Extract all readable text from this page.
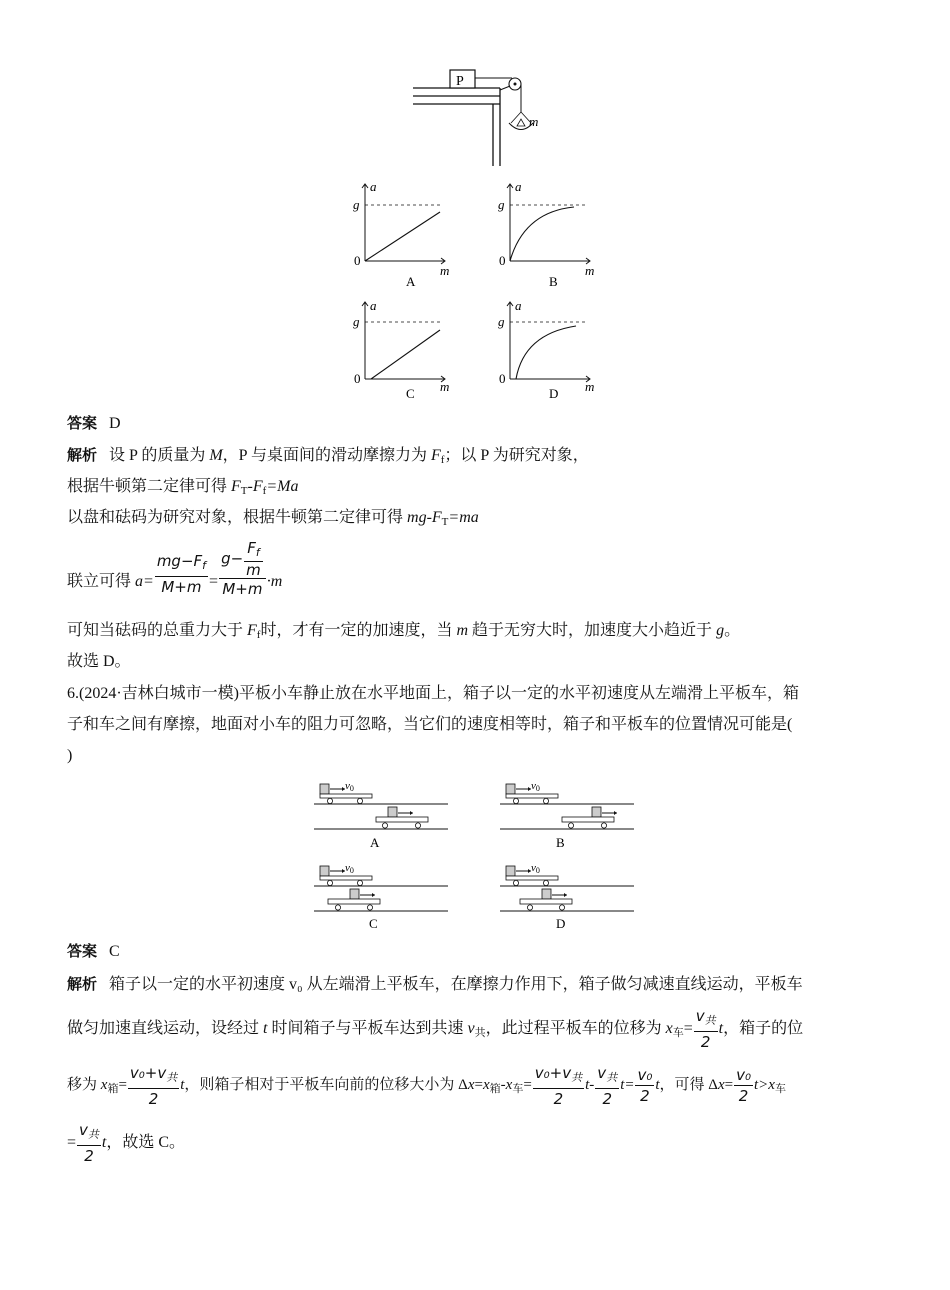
P
m
a
g
0
m
A
a
g
0
m
B
a
g
0
m
C
a
g
0
m
D
答案 D
解析 设 P 的质量为 M，P 与桌面间的滑动摩擦力为 $F_f$；以 P 为研究对象，
根据牛顿第二定律可得 $F_T-F_f=Ma$
以盘和砝码为研究对象，根据牛顿第二定律可得 $mg-F_T=ma$
联立可得 $a= \frac{mg-F_f}{M+m} = \frac{g- \frac{F_f}{m}}{M+m} \cdot m$
可知当砝码的总重力大于 $F_f$时，才有一定的加速度，当 m 趋于无穷大时，加速度大小趋近于 g。
故选 D。
6.(2024·吉林白城市一模)平板小车静止放在水平地面上，箱子以一定的水平初速度从左端滑上平板车，箱
子和车之间有摩擦，地面对小车的阻力可忽略，当它们的速度相等时，箱子和平板车的位置情况可能是(
)
v0
A
v0
B
v0
C
v0
D
答案 C
解析 箱子以一定的水平初速度 v₀ 从左端滑上平板车，在摩擦力作用下，箱子做匀减速直线运动，平板车
做匀加速直线运动，设经过 t 时间箱子与平板车达到共速 $v_共$，此过程平板车的位移为 $x_车= \frac{v_共}{2}$ t，箱子的位
移为 $x_箱= \frac{v_0+v_共}{2}$ t，则箱子相对于平板车向前的位移大小为 $\Delta x=x_箱-x_车= \frac{v_0+v_共}{2} t- \frac{v_共}{2} t= \frac{\text{v₀}}{2}$ t，可得 $\Delta x= \frac{\text{v₀}}{2} t>x_车$
= $\frac{v_共}{2}$ t，故选 C。
